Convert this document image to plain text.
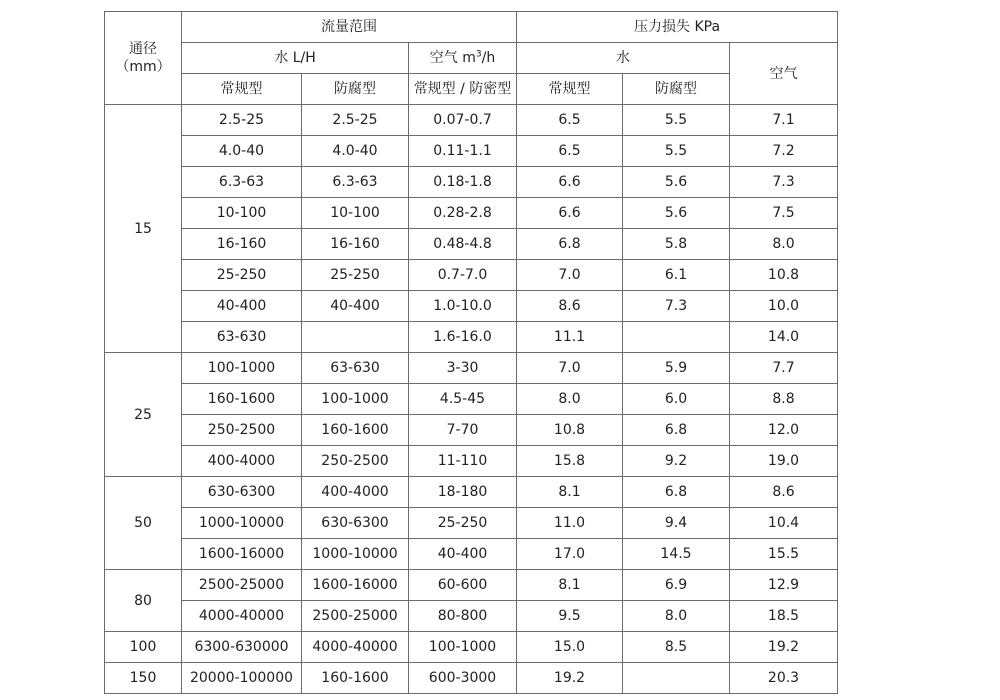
通径
（mm）	流量范围			压力损失 KPa		
	水 L/H		空气 $m^3/h$	水		空气
	常规型	防腐型	常规型 / 防密型	常规型	防腐型	
15	2.5-25	2.5-25	0.07-0.7	6.5	5.5	7.1
	4.0-40	4.0-40	0.11-1.1	6.5	5.5	7.2
	6.3-63	6.3-63	0.18-1.8	6.6	5.6	7.3
	10-100	10-100	0.28-2.8	6.6	5.6	7.5
	16-160	16-160	0.48-4.8	6.8	5.8	8.0
	25-250	25-250	0.7-7.0	7.0	6.1	10.8
	40-400	40-400	1.0-10.0	8.6	7.3	10.0
	63-630		1.6-16.0	11.1		14.0
25	100-1000	63-630	3-30	7.0	5.9	7.7
	160-1600	100-1000	4.5-45	8.0	6.0	8.8
	250-2500	160-1600	7-70	10.8	6.8	12.0
	400-4000	250-2500	11-110	15.8	9.2	19.0
50	630-6300	400-4000	18-180	8.1	6.8	8.6
	1000-10000	630-6300	25-250	11.0	9.4	10.4
	1600-16000	1000-10000	40-400	17.0	14.5	15.5
80	2500-25000	1600-16000	60-600	8.1	6.9	12.9
	4000-40000	2500-25000	80-800	9.5	8.0	18.5
100	6300-630000	4000-40000	100-1000	15.0	8.5	19.2
150	20000-100000	160-1600	600-3000	19.2		20.3
